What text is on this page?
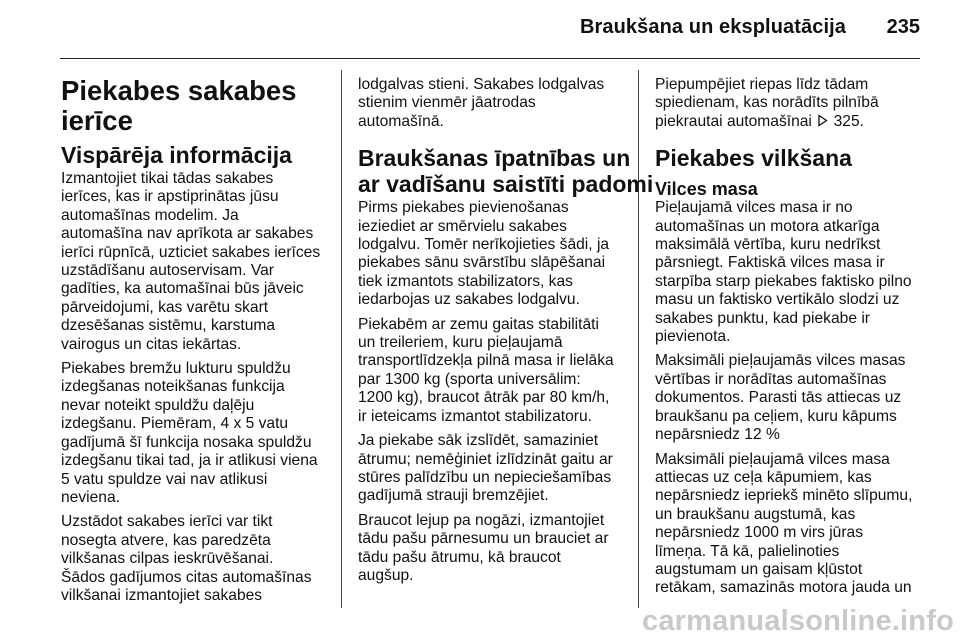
Braukšana un ekspluatācija	235
Piekabes sakabes
ierīce
Vispārēja informācija

Izmantojiet tikai tādas sakabes
ierīces, kas ir apstiprinātas jūsu
automašīnas modelim. Ja
automašīna nav aprīkota ar sakabes
ierīci rūpnīcā, uzticiet sakabes ierīces
uzstādīšanu autoservisam. Var
gadīties, ka automašīnai būs jāveic
pārveidojumi, kas varētu skart
dzesēšanas sistēmu, karstuma
vairogus un citas iekārtas.

Piekabes bremžu lukturu spuldžu
izdegšanas noteikšanas funkcija
nevar noteikt spuldžu daļēju
izdegšanu. Piemēram, 4 x 5 vatu
gadījumā šī funkcija nosaka spuldžu
izdegšanu tikai tad, ja ir atlikusi viena
5 vatu spuldze vai nav atlikusi
neviena.

Uzstādot sakabes ierīci var tikt
nosegta atvere, kas paredzēta
vilkšanas cilpas ieskrūvēšanai.
Šādos gadījumos citas automašīnas
vilkšanai izmantojiet sakabes

lodgalvas stieni. Sakabes lodgalvas
stienim vienmēr jāatrodas
automašīnā.

Braukšanas īpatnības un
ar vadīšanu saistīti padomi

Pirms piekabes pievienošanas
ieziediet ar smērvielu sakabes
lodgalvu. Tomēr nerīkojieties šādi, ja
piekabes sānu svārstību slāpēšanai
tiek izmantots stabilizators, kas
iedarbojas uz sakabes lodgalvu.

Piekabēm ar zemu gaitas stabilitāti
un treileriem, kuru pieļaujamā
transportlīdzekļa pilnā masa ir lielāka
par 1300 kg (sporta universālim:
1200 kg), braucot ātrāk par 80 km/h,
ir ieteicams izmantot stabilizatoru.

Ja piekabe sāk izslīdēt, samaziniet
ātrumu; nemēģiniet izlīdzināt gaitu ar
stūres palīdzību un nepieciešamības
gadījumā strauji bremzējiet.

Braucot lejup pa nogāzi, izmantojiet
tādu pašu pārnesumu un brauciet ar
tādu pašu ātrumu, kā braucot
augšup.

Piepumpējiet riepas līdz tādam
spiedienam, kas norādīts pilnībā
piekrautai automašīnai 325.

Piekabes vilkšana
Vilces masa

Pieļaujamā vilces masa ir no
automašīnas un motora atkarīga
maksimālā vērtība, kuru nedrīkst
pārsniegt. Faktiskā vilces masa ir
starpība starp piekabes faktisko pilno
masu un faktisko vertikālo slodzi uz
sakabes punktu, kad piekabe ir
pievienota.

Maksimāli pieļaujamās vilces masas
vērtības ir norādītas automašīnas
dokumentos. Parasti tās attiecas uz
braukšanu pa ceļiem, kuru kāpums
nepārsniedz 12 %

Maksimāli pieļaujamā vilces masa
attiecas uz ceļa kāpumiem, kas
nepārsniedz iepriekš minēto slīpumu,
un braukšanu augstumā, kas
nepārsniedz 1000 m virs jūras
līmeņa. Tā kā, palielinoties
augstumam un gaisam kļūstot
retākam, samazinās motora jauda un

carmanualsonline.info
